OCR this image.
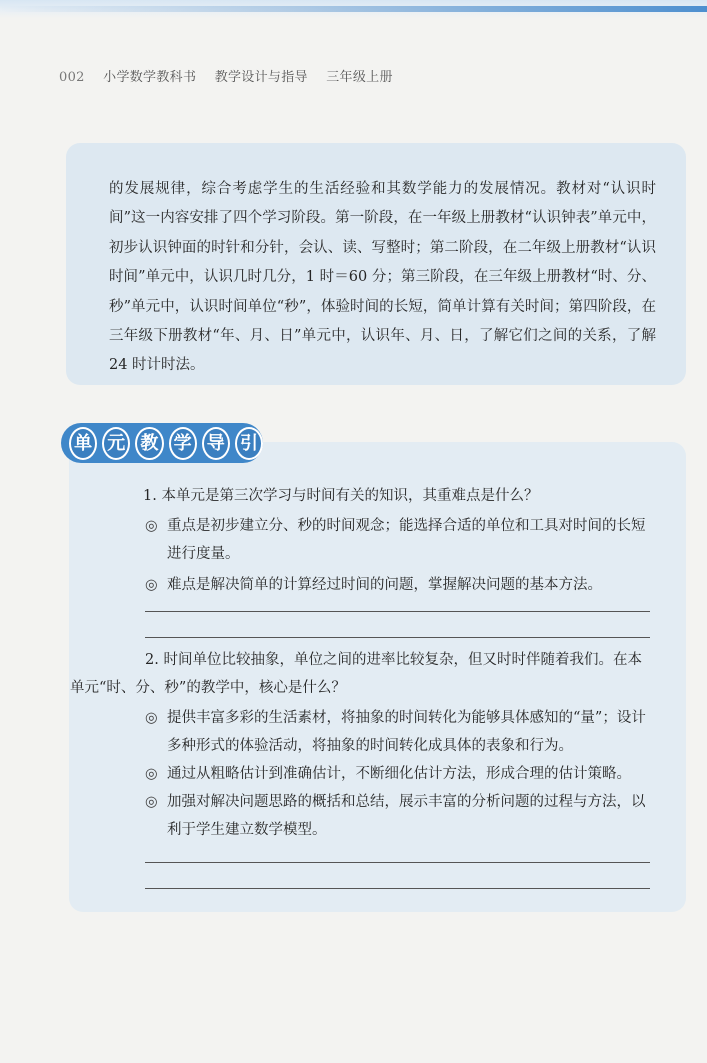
002 小学数学教科书 教学设计与指导 三年级上册
的发展规律，综合考虑学生的生活经验和其数学能力的发展情况。教材对“认识时间”这一内容安排了四个学习阶段。第一阶段，在一年级上册教材“认识钟表”单元中，初步认识钟面的时针和分针，会认、读、写整时；第二阶段，在二年级上册教材“认识时间”单元中，认识几时几分，1 时＝60 分；第三阶段，在三年级上册教材“时、分、秒”单元中，认识时间单位“秒”，体验时间的长短，简单计算有关时间；第四阶段，在三年级下册教材“年、月、日”单元中，认识年、月、日，了解它们之间的关系，了解 24 时计时法。
单 元 教 学 导 引
1. 本单元是第三次学习与时间有关的知识，其重难点是什么？
◎ 重点是初步建立分、秒的时间观念；能选择合适的单位和工具对时间的长短进行度量。
◎ 难点是解决简单的计算经过时间的问题，掌握解决问题的基本方法。
2. 时间单位比较抽象，单位之间的进率比较复杂，但又时时伴随着我们。在本单元“时、分、秒”的教学中，核心是什么？
◎ 提供丰富多彩的生活素材，将抽象的时间转化为能够具体感知的“量”；设计多种形式的体验活动，将抽象的时间转化成具体的表象和行为。
◎ 通过从粗略估计到准确估计，不断细化估计方法，形成合理的估计策略。
◎ 加强对解决问题思路的概括和总结，展示丰富的分析问题的过程与方法，以利于学生建立数学模型。
